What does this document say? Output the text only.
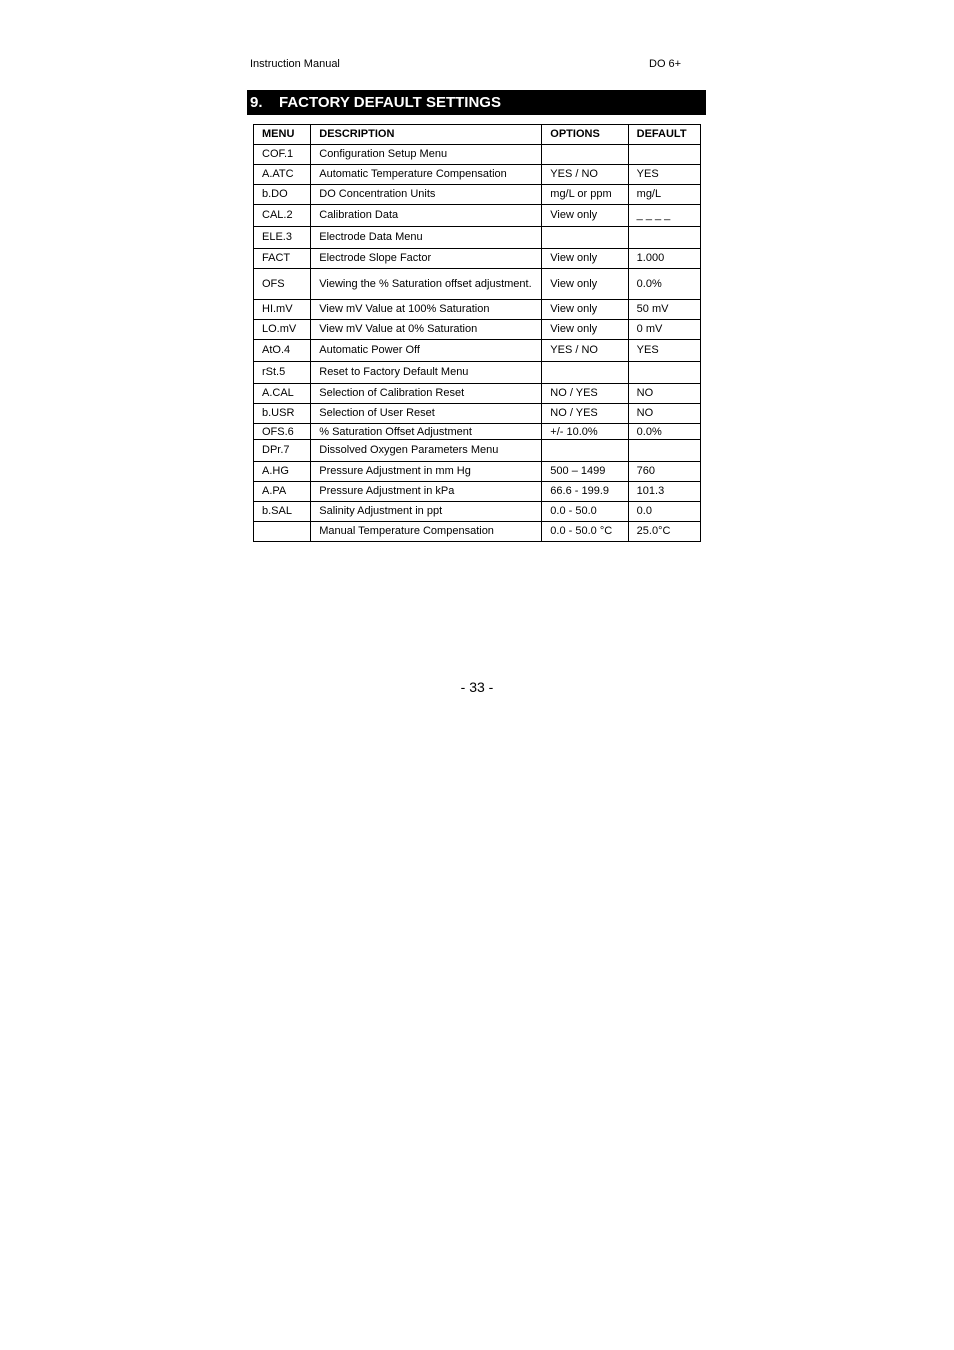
Instruction Manual	DO 6+
9. FACTORY DEFAULT SETTINGS
MENU	DESCRIPTION	OPTIONS	DEFAULT
COF.1	Configuration Setup Menu		
A.ATC	Automatic Temperature Compensation	YES / NO	YES
b.DO	DO Concentration Units	mg/L or ppm	mg/L
CAL.2	Calibration Data	View only	_ _ _ _
ELE.3	Electrode Data Menu		
FACT	Electrode Slope Factor	View only	1.000
OFS	Viewing the % Saturation offset adjustment.	View only	0.0%
HI.mV	View mV Value at 100% Saturation	View only	50 mV
LO.mV	View mV Value at 0% Saturation	View only	0 mV
AtO.4	Automatic Power Off	YES / NO	YES
rSt.5	Reset to Factory Default Menu		
A.CAL	Selection of Calibration Reset	NO / YES	NO
b.USR	Selection of User Reset	NO / YES	NO
OFS.6	% Saturation Offset Adjustment	+/- 10.0%	0.0%
DPr.7	Dissolved Oxygen Parameters Menu		
A.HG	Pressure Adjustment in mm Hg	500 – 1499	760
A.PA	Pressure Adjustment in kPa	66.6 - 199.9	101.3
b.SAL	Salinity Adjustment in ppt	0.0 - 50.0	0.0
	Manual Temperature Compensation	0.0 - 50.0 °C	25.0°C
- 33 -
